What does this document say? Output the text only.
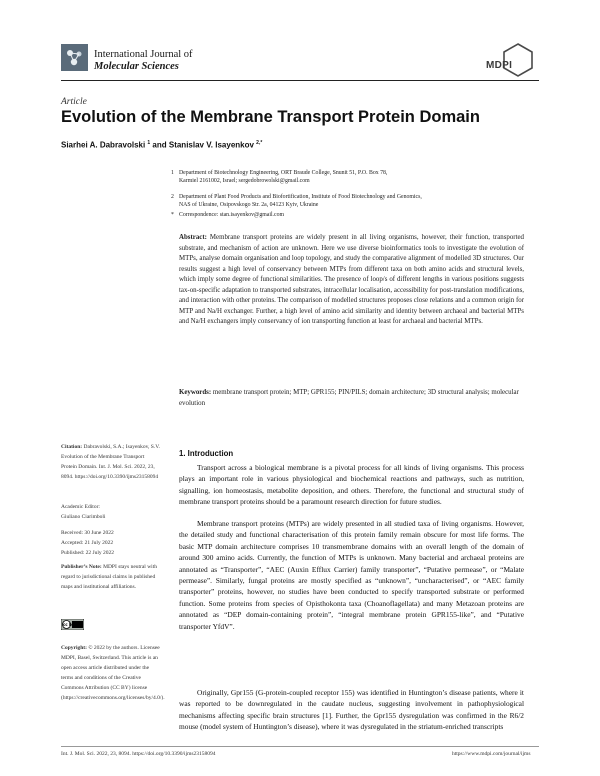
International Journal of
Molecular Sciences	MDPI
Article
Evolution of the Membrane Transport Protein Domain
Siarhei A. Dabravolski $^1$ and Stanislav V. Isayenkov $^{2,*}$
1 Department of Biotechnology Engineering, ORT Braude College, Snunit 51, P.O. Box 78,
Karmiel 2161002, Israel; sergedobrowolski@gmail.com
2 Department of Plant Food Products and Biofortification, Institute of Food Biotechnology and Genomics,
NAS of Ukraine, Osipovskogo Str. 2a, 04123 Kyiv, Ukraine
* Correspondence: stan.isayenkov@gmail.com
Abstract: Membrane transport proteins are widely present in all living organisms, however, their function, transported substrate, and mechanism of action are unknown. Here we use diverse bioinformatics tools to investigate the evolution of MTPs, analyse domain organisation and loop topology, and study the comparative alignment of modelled 3D structures. Our results suggest a high level of conservancy between MTPs from different taxa on both amino acids and structural levels, which imply some degree of functional similarities. The presence of loop/s of different lengths in various positions suggests tax-on-specific adaptation to transported substrates, intracellular localisation, accessibility for post-translation modifications, and interaction with other proteins. The comparison of modelled structures proposes close relations and a common origin for MTP and Na/H exchanger. Further, a high level of amino acid similarity and identity between archaeal and bacterial MTPs and Na/H exchangers imply conservancy of ion transporting function at least for archaeal and bacterial MTPs.
Keywords: membrane transport protein; MTP; GPR155; PIN/PILS; domain architecture; 3D structural analysis; molecular evolution
Citation: Dabravolski, S.A.; Isayenkov, S.V. Evolution of the Membrane Transport Protein Domain. Int. J. Mol. Sci. 2022, 23, 8094. https://doi.org/10.3390/ijms23158094
Academic Editor:
Giuliano Ciarimboli
Received: 30 June 2022
Accepted: 21 July 2022
Published: 22 July 2022
Publisher’s Note: MDPI stays neutral with regard to jurisdictional claims in published maps and institutional affiliations.
cc by
Copyright: © 2022 by the authors. Licensee MDPI, Basel, Switzerland. This article is an open access article distributed under the terms and conditions of the Creative Commons Attribution (CC BY) license (https://creativecommons.org/licenses/by/4.0/).
1. Introduction
Transport across a biological membrane is a pivotal process for all kinds of living organisms. This process plays an important role in various physiological and biochemical reactions and pathways, such as nutrition, signalling, ion homeostasis, metabolite deposition, and others. Therefore, the functional and structural study of membrane transport proteins should be a paramount research direction for future studies.
Membrane transport proteins (MTPs) are widely presented in all studied taxa of living organisms. However, the detailed study and functional characterisation of this protein family remain obscure for most life forms. The basic MTP domain architecture comprises 10 transmembrane domains with an overall length of the domain of around 300 amino acids. Currently, the function of MTPs is unknown. Many bacterial and archaeal proteins are annotated as “Transporter”, “AEC (Auxin Efflux Carrier) family transporter”, “Putative permease”, or “Malate permease”. Similarly, fungal proteins are mostly specified as “unknown”, “uncharacterised”, or “AEC family transporter” proteins, however, no studies have been conducted to specify transported substrate or performed function. Some proteins from species of Opisthokonta taxa (Choanoflagellata) and many Metazoan proteins are annotated as “DEP domain-containing protein”, “integral membrane protein GPR155-like”, and “Putative transporter YfdV”.
Originally, Gpr155 (G-protein-coupled receptor 155) was identified in Huntington’s disease patients, where it was reported to be downregulated in the caudate nucleus, suggesting involvement in pathophysiological mechanisms affecting specific brain structures [1]. Further, the Gpr155 dysregulation was confirmed in the R6/2 mouse (model system of Huntington’s disease), where it was dysregulated in the striatum-enriched transcripts
Int. J. Mol. Sci. 2022, 23, 8094. https://doi.org/10.3390/ijms23158094	https://www.mdpi.com/journal/ijms
